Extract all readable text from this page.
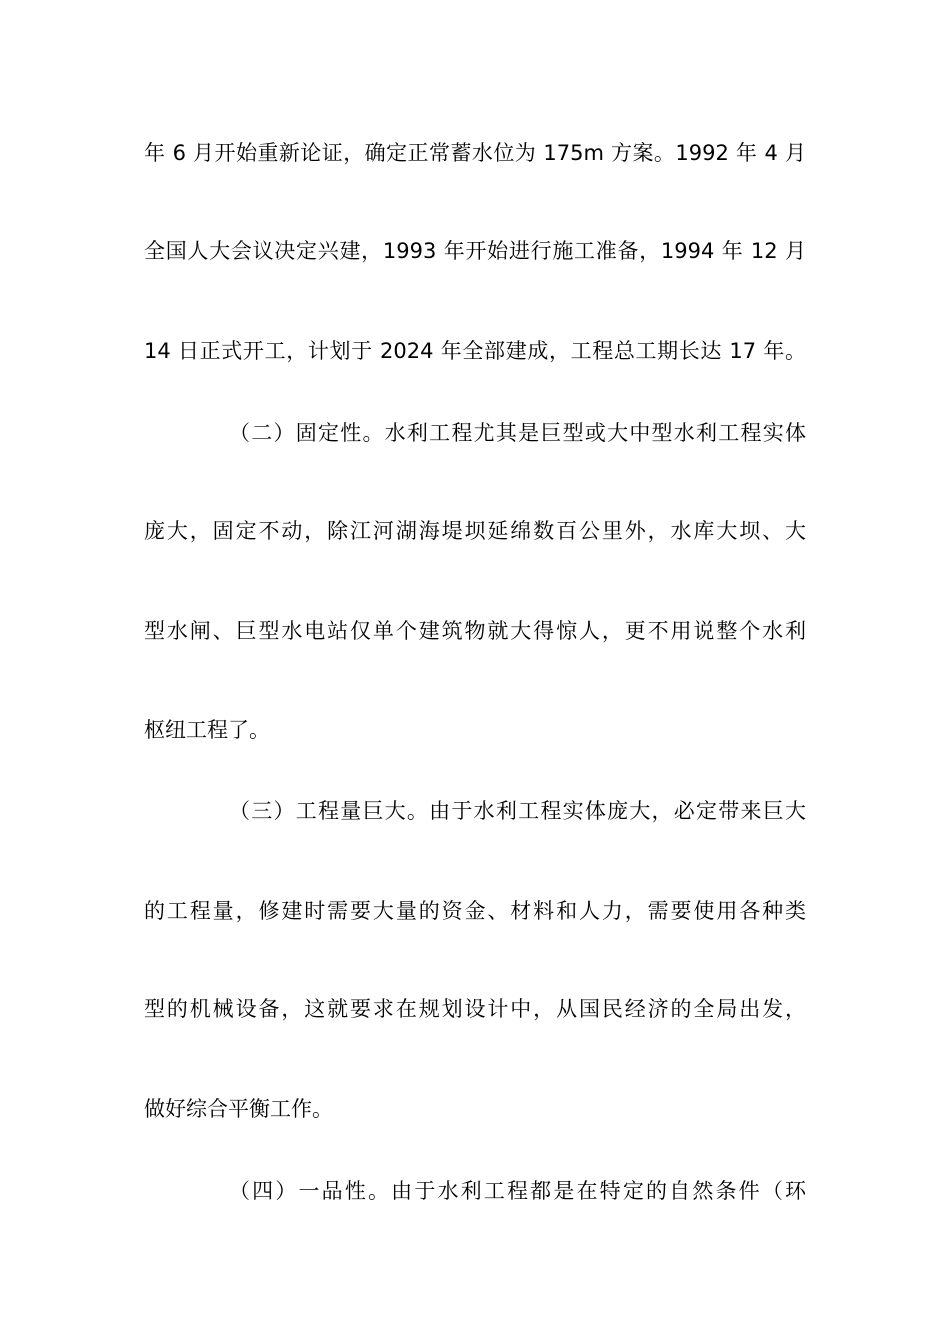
年 6 月开始重新论证，确定正常蓄水位为 175m 方案。1992 年 4 月
全国人大会议决定兴建，1993 年开始进行施工准备，1994 年 12 月
14 日正式开工，计划于 2024 年全部建成，工程总工期长达 17 年。
（二）固定性。水利工程尤其是巨型或大中型水利工程实体
庞大，固定不动，除江河湖海堤坝延绵数百公里外，水库大坝、大
型水闸、巨型水电站仅单个建筑物就大得惊人，更不用说整个水利
枢纽工程了。
（三）工程量巨大。由于水利工程实体庞大，必定带来巨大
的工程量，修建时需要大量的资金、材料和人力，需要使用各种类
型的机械设备，这就要求在规划设计中，从国民经济的全局出发，
做好综合平衡工作。
（四）一品性。由于水利工程都是在特定的自然条件（环
